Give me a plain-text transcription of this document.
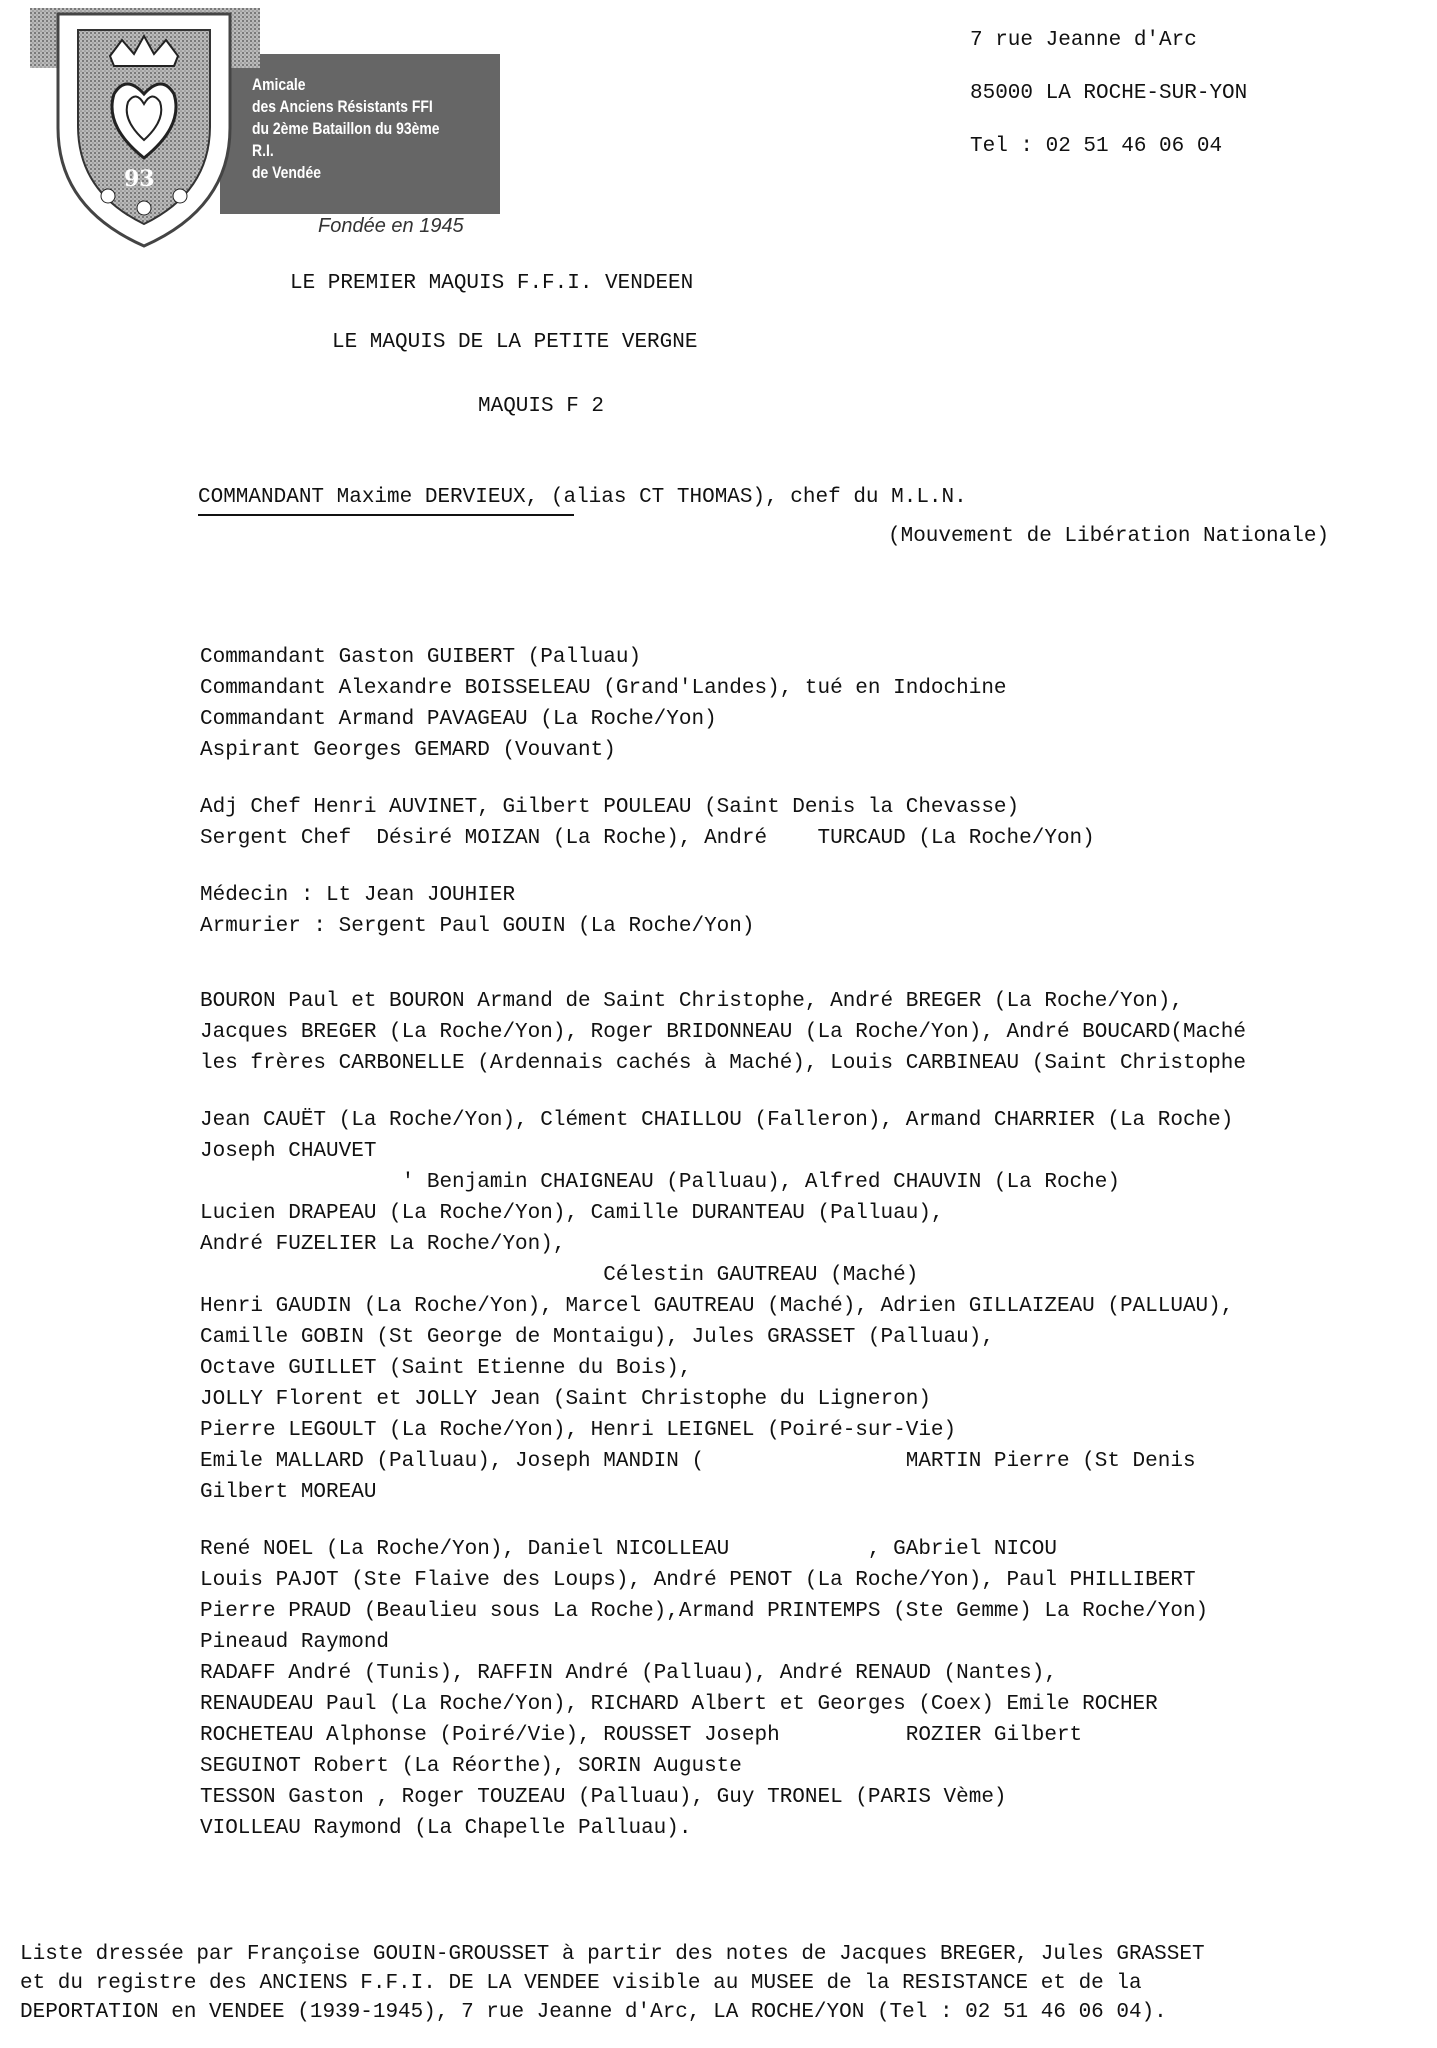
Amicale
des Anciens Résistants FFI
du 2ème Bataillon du 93ème R.I.
de Vendée
93
Fondée en 1945
7 rue Jeanne d'Arc
85000 LA ROCHE-SUR-YON
Tel : 02 51 46 06 04
LE PREMIER MAQUIS F.F.I. VENDEEN
LE MAQUIS DE LA PETITE VERGNE
MAQUIS F 2
COMMANDANT Maxime DERVIEUX, (alias CT THOMAS), chef du M.L.N.
(Mouvement de Libération Nationale)
Commandant Gaston GUIBERT (Palluau)
Commandant Alexandre BOISSELEAU (Grand'Landes), tué en Indochine
Commandant Armand PAVAGEAU (La Roche/Yon)
Aspirant Georges GEMARD (Vouvant)
Adj Chef Henri AUVINET, Gilbert POULEAU (Saint Denis la Chevasse)
Sergent Chef  Désiré MOIZAN (La Roche), André    TURCAUD (La Roche/Yon)
Médecin : Lt Jean JOUHIER
Armurier : Sergent Paul GOUIN (La Roche/Yon)
BOURON Paul et BOURON Armand de Saint Christophe, André BREGER (La Roche/Yon),
Jacques BREGER (La Roche/Yon), Roger BRIDONNEAU (La Roche/Yon), André BOUCARD(Maché
les frères CARBONELLE (Ardennais cachés à Maché), Louis CARBINEAU (Saint Christophe
Jean CAUËT (La Roche/Yon), Clément CHAILLOU (Falleron), Armand CHARRIER (La Roche)
Joseph CHAUVET
' Benjamin CHAIGNEAU (Palluau), Alfred CHAUVIN (La Roche)
Lucien DRAPEAU (La Roche/Yon), Camille DURANTEAU (Palluau),
André FUZELIER La Roche/Yon),
Célestin GAUTREAU (Maché)
Henri GAUDIN (La Roche/Yon), Marcel GAUTREAU (Maché), Adrien GILLAIZEAU (PALLUAU),
Camille GOBIN (St George de Montaigu), Jules GRASSET (Palluau),
Octave GUILLET (Saint Etienne du Bois),
JOLLY Florent et JOLLY Jean (Saint Christophe du Ligneron)
Pierre LEGOULT (La Roche/Yon), Henri LEIGNEL (Poiré-sur-Vie)
Emile MALLARD (Palluau), Joseph MANDIN (                MARTIN Pierre (St Denis
Gilbert MOREAU
René NOEL (La Roche/Yon), Daniel NICOLLEAU           , GAbriel NICOU
Louis PAJOT (Ste Flaive des Loups), André PENOT (La Roche/Yon), Paul PHILLIBERT
Pierre PRAUD (Beaulieu sous La Roche),Armand PRINTEMPS (Ste Gemme) La Roche/Yon)
Pineaud Raymond
RADAFF André (Tunis), RAFFIN André (Palluau), André RENAUD (Nantes),
RENAUDEAU Paul (La Roche/Yon), RICHARD Albert et Georges (Coex) Emile ROCHER
ROCHETEAU Alphonse (Poiré/Vie), ROUSSET Joseph          ROZIER Gilbert
SEGUINOT Robert (La Réorthe), SORIN Auguste
TESSON Gaston , Roger TOUZEAU (Palluau), Guy TRONEL (PARIS Vème)
VIOLLEAU Raymond (La Chapelle Palluau).
Liste dressée par Françoise GOUIN-GROUSSET à partir des notes de Jacques BREGER, Jules GRASSET
et du registre des ANCIENS F.F.I. DE LA VENDEE visible au MUSEE de la RESISTANCE et de la
DEPORTATION en VENDEE (1939-1945), 7 rue Jeanne d'Arc, LA ROCHE/YON (Tel : 02 51 46 06 04).
